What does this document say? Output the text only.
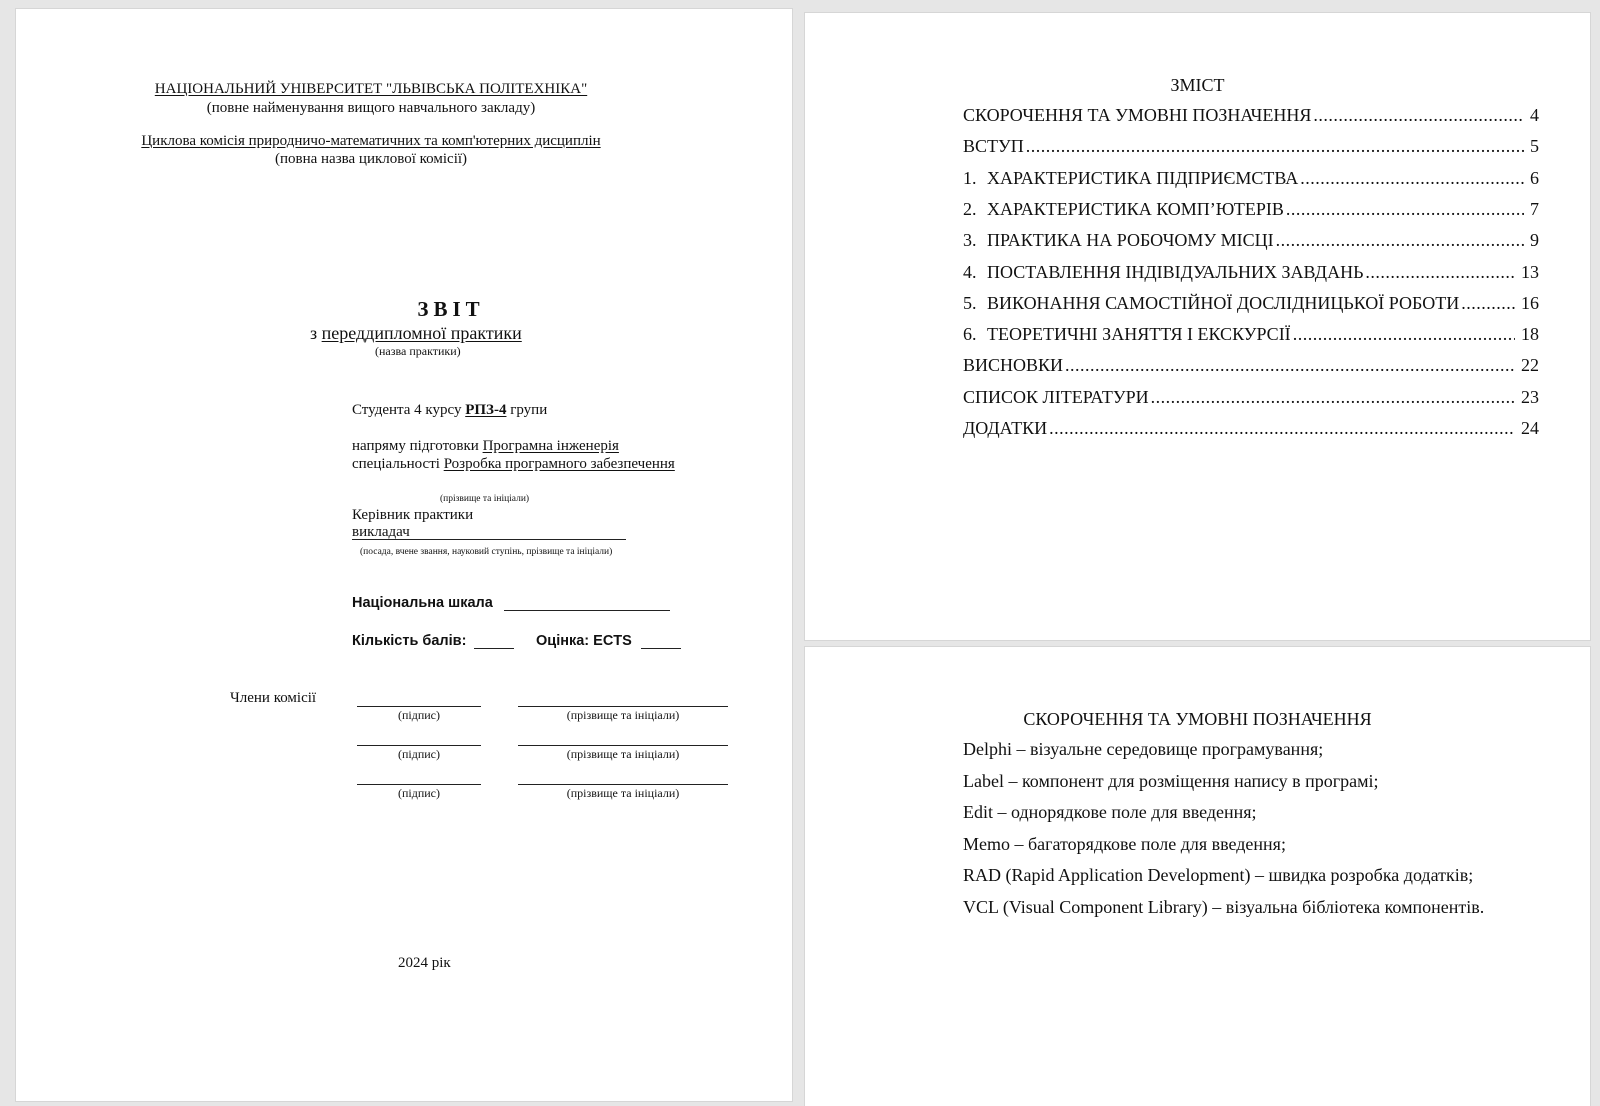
НАЦІОНАЛЬНИЙ УНІВЕРСИТЕТ "ЛЬВІВСЬКА ПОЛІТЕХНІКА"
(повне найменування вищого навчального закладу)
Циклова комісія природничо-математичних та комп'ютерних дисциплін
(повна назва циклової комісії)
ЗВІТ
з переддипломної практики
(назва практики)
Студента 4 курсу РПЗ-4 групи
напряму підготовки Програмна інженерія
спеціальності Розробка програмного забезпечення
(прізвище та ініціали)
Керівник практики
викладач
(посада, вчене звання, науковий ступінь, прізвище та ініціали)
Національна шкала
Кількість балів:	Оцінка: ECTS
Члени комісії
(підпис)	(прізвище та ініціали)
(підпис)	(прізвище та ініціали)
(підпис)	(прізвище та ініціали)
2024 рік
ЗМІСТ
СКОРОЧЕННЯ ТА УМОВНІ ПОЗНАЧЕННЯ .....	4
ВСТУП .....	5
1. ХАРАКТЕРИСТИКА ПІДПРИЄМСТВА .....	6
2. ХАРАКТЕРИСТИКА КОМП’ЮТЕРІВ .....	7
3. ПРАКТИКА НА РОБОЧОМУ МІСЦІ .....	9
4. ПОСТАВЛЕННЯ ІНДІВІДУАЛЬНИХ ЗАВДАНЬ .....	13
5. ВИКОНАННЯ САМОСТІЙНОЇ ДОСЛІДНИЦЬКОЇ РОБОТИ .....	16
6. ТЕОРЕТИЧНІ ЗАНЯТТЯ І ЕКСКУРСІЇ .....	18
ВИСНОВКИ .....	22
СПИСОК ЛІТЕРАТУРИ .....	23
ДОДАТКИ .....	24
СКОРОЧЕННЯ ТА УМОВНІ ПОЗНАЧЕННЯ
Delphi – візуальне середовище програмування;
Label – компонент для розміщення напису в програмі;
Edit – однорядкове поле для введення;
Memo – багаторядкове поле для введення;
RAD (Rapid Application Development) – швидка розробка додатків;
VCL (Visual Component Library) – візуальна бібліотека компонентів.
